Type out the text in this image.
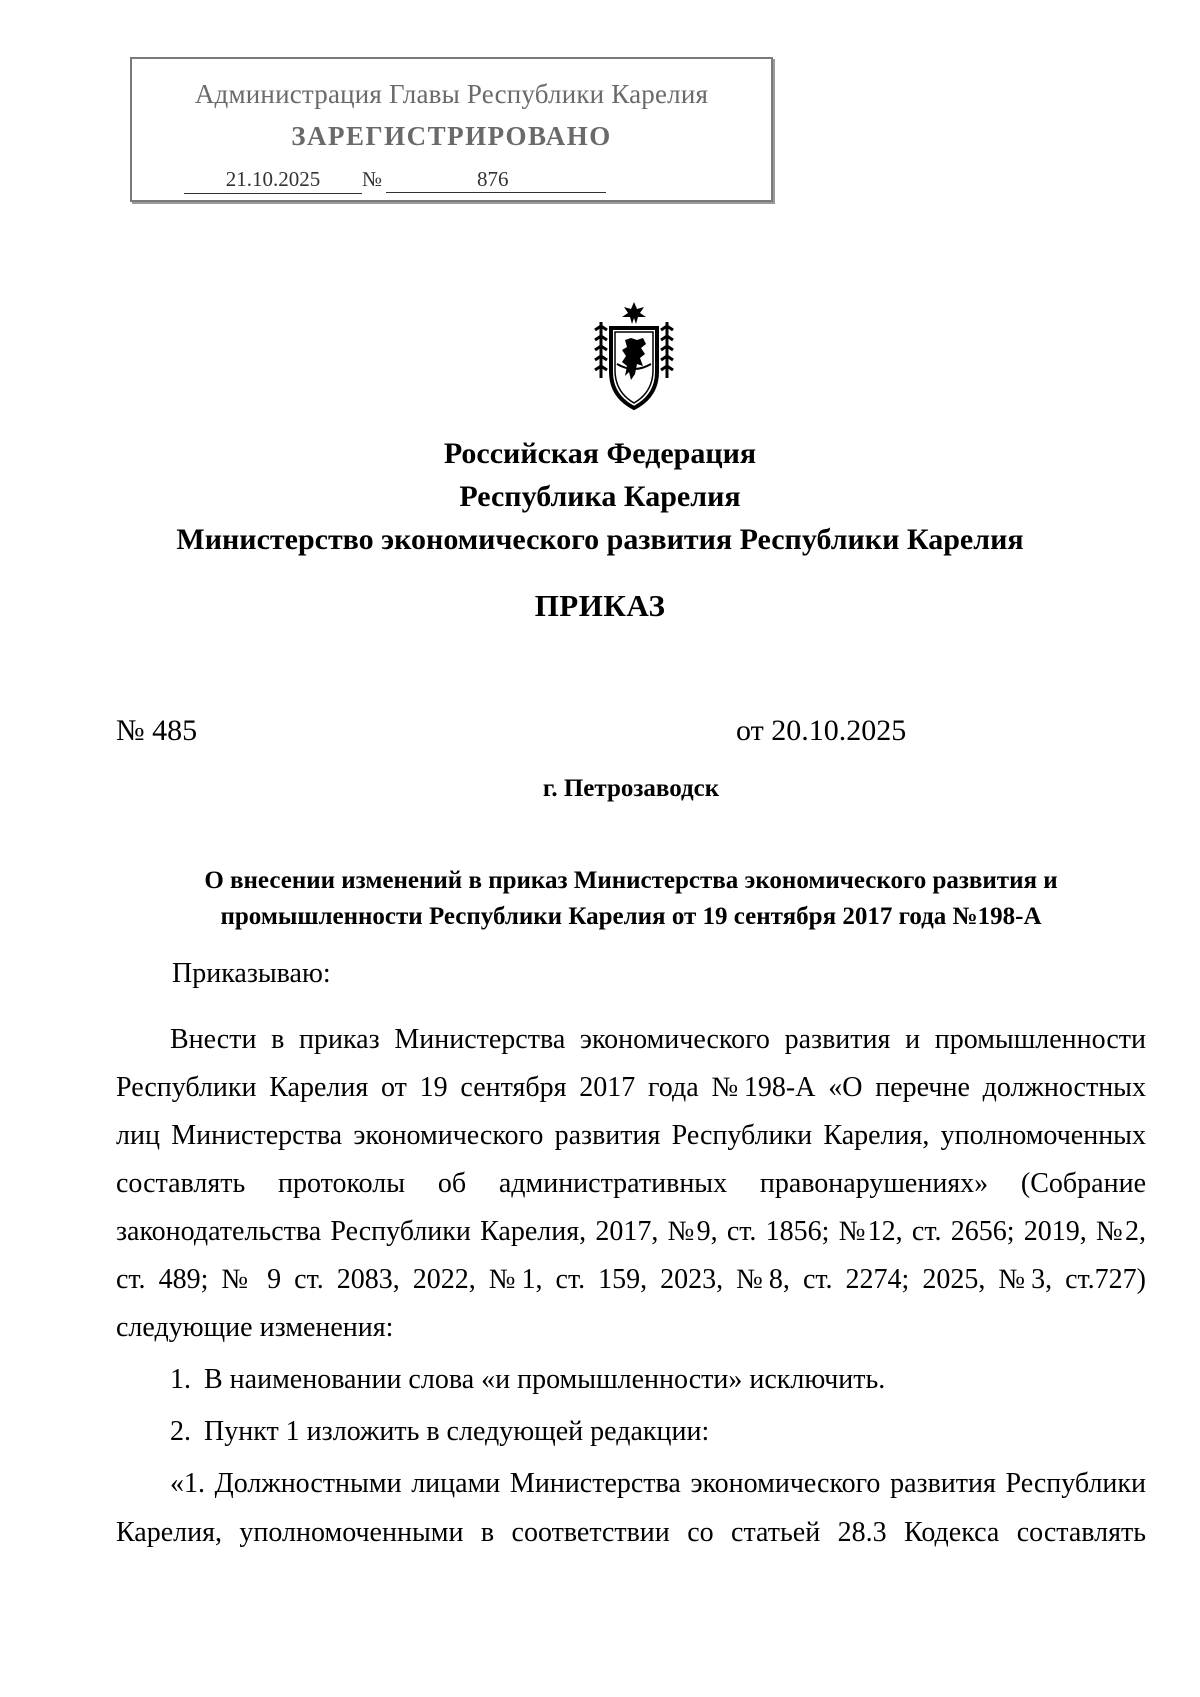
Администрация Главы Республики Карелия
ЗАРЕГИСТРИРОВАНО
21.10.2025	№	876
Российская Федерация
Республика Карелия
Министерство экономического развития Республики Карелия
ПРИКАЗ
№ 485	от 20.10.2025
г. Петрозаводск
О внесении изменений в приказ Министерства экономического развития и
промышленности Республики Карелия от 19 сентября 2017 года №198-А
Приказываю:
Внести в приказ Министерства экономического развития и промышленности
Республики Карелия от 19 сентября 2017 года №198-А «О перечне должностных
лиц Министерства экономического развития Республики Карелия, уполномоченных
составлять протоколы об административных правонарушениях» (Собрание
законодательства Республики Карелия, 2017, №9, ст. 1856; №12, ст. 2656; 2019, №2,
ст. 489; № 9 ст. 2083, 2022, №1, ст. 159, 2023, №8, ст. 2274; 2025, №3, ст.727)
следующие изменения:
1. В наименовании слова «и промышленности» исключить.
2. Пункт 1 изложить в следующей редакции:
«1. Должностными лицами Министерства экономического развития Республики
Карелия, уполномоченными в соответствии со статьей 28.3 Кодекса составлять
